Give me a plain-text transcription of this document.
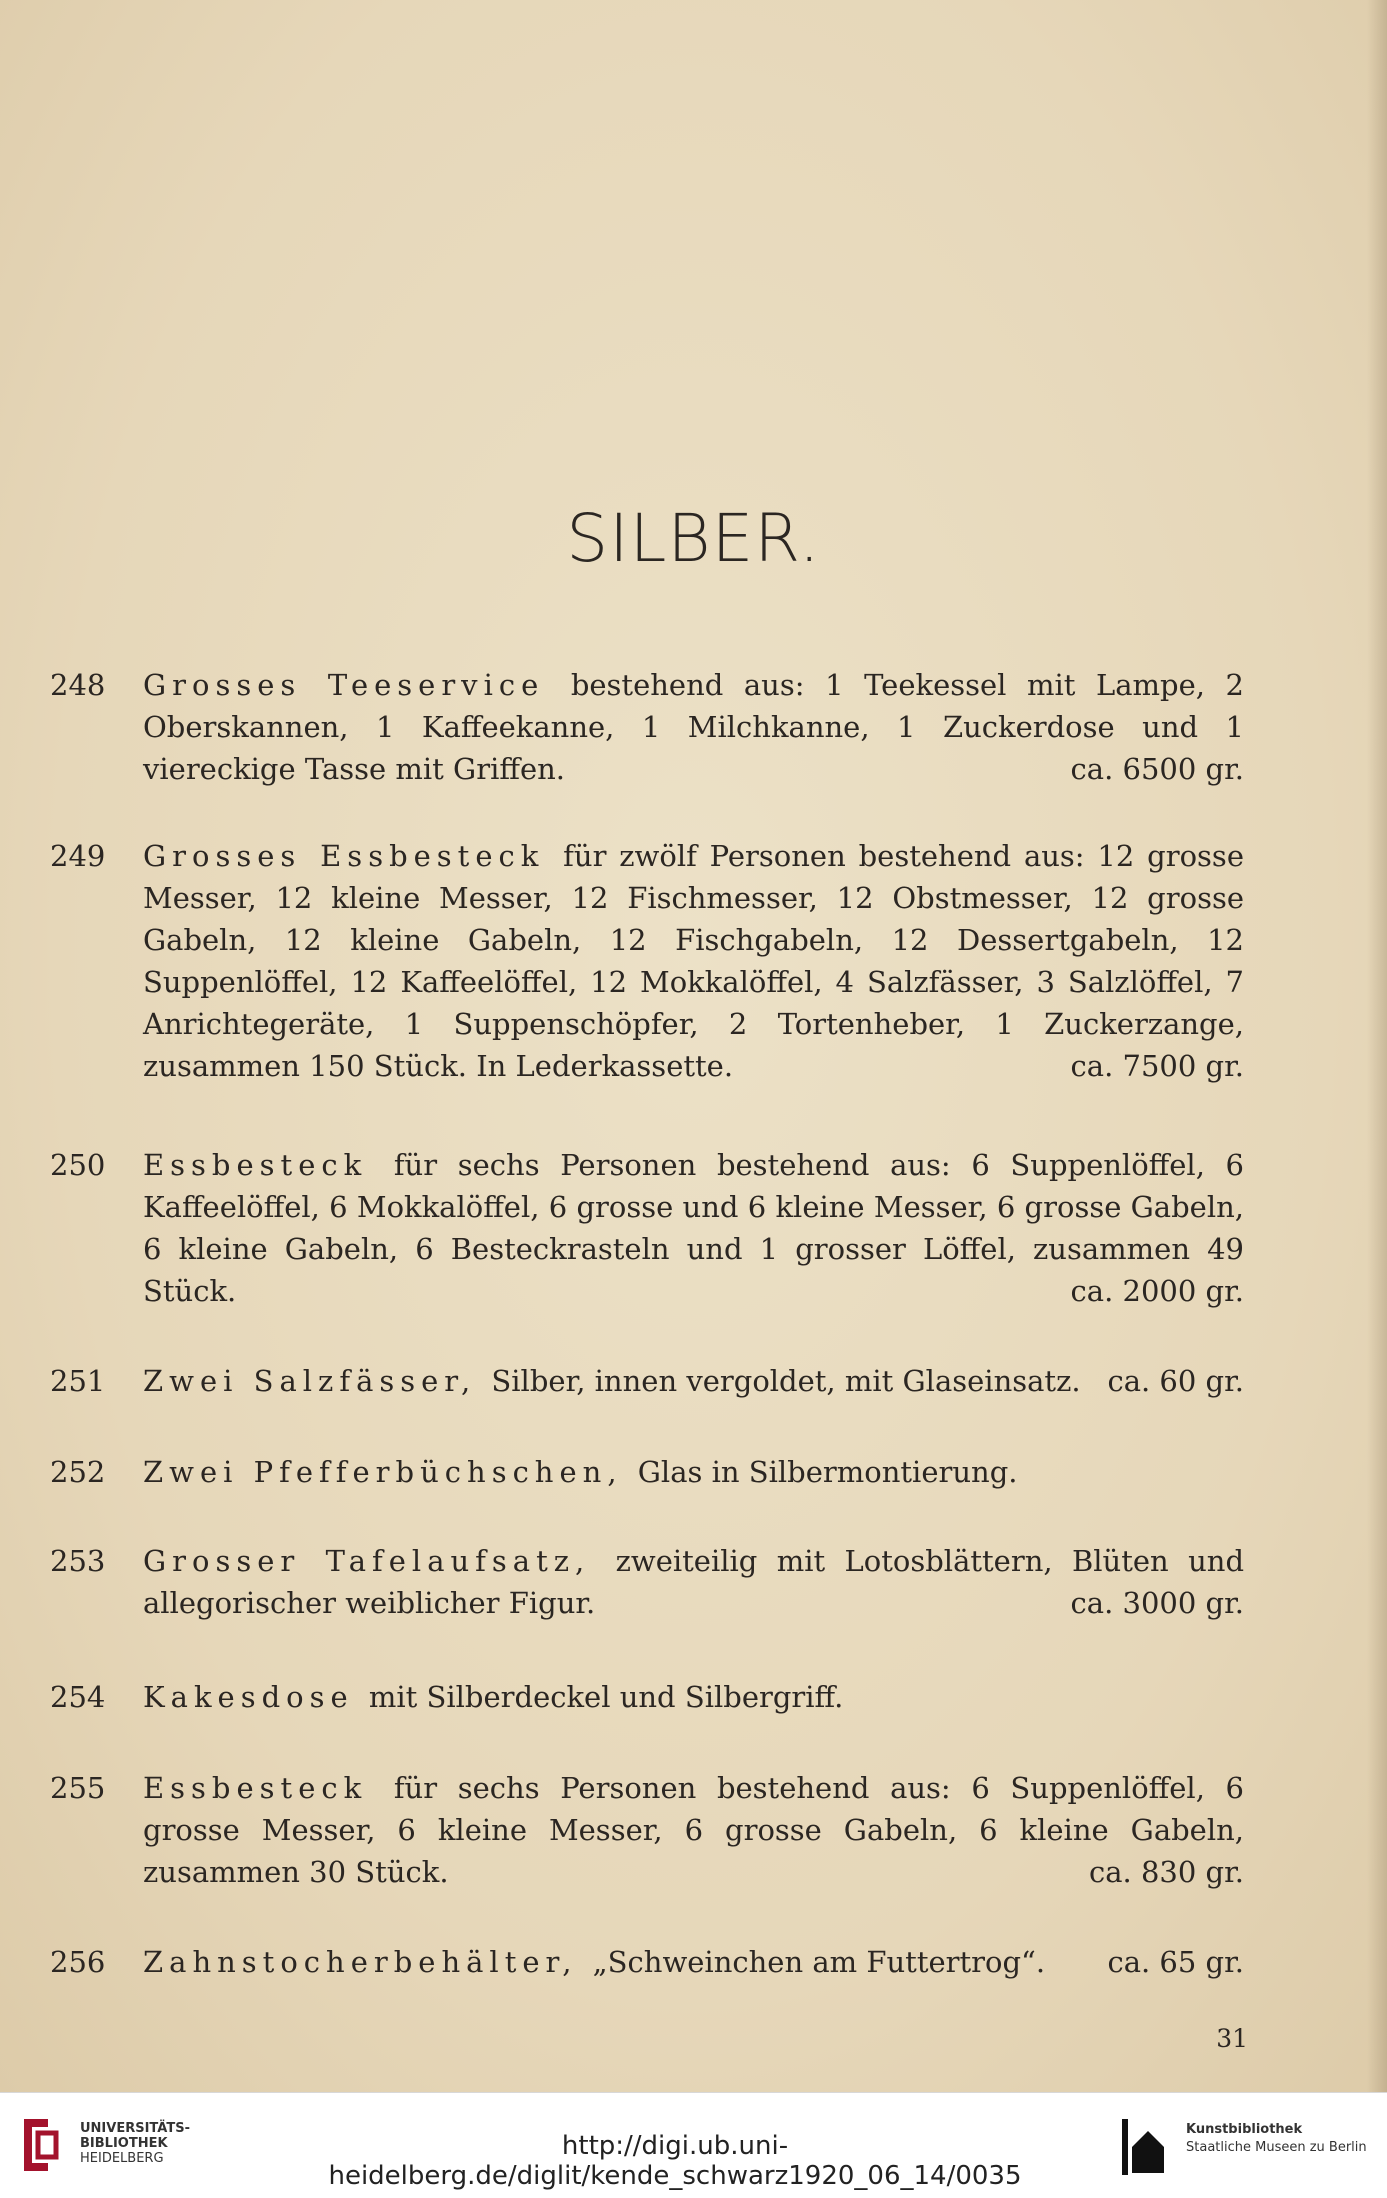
SILBER.
248	Grosses Teeservice bestehend aus: 1 Teekessel mit Lampe, 2 Oberskannen, 1 Kaffeekanne, 1 Milchkanne, 1 Zuckerdose und 1 viereckige Tasse mit Griffen.	ca. 6500 gr.
249	Grosses Essbesteck für zwölf Personen bestehend aus: 12 grosse Messer, 12 kleine Messer, 12 Fischmesser, 12 Obstmesser, 12 grosse Gabeln, 12 kleine Gabeln, 12 Fischgabeln, 12 Dessertgabeln, 12 Suppenlöffel, 12 Kaffeelöffel, 12 Mokkalöffel, 4 Salzfässer, 3 Salzlöffel, 7 Anrichtegeräte, 1 Suppenschöpfer, 2 Tortenheber, 1 Zuckerzange, zusammen 150 Stück. In Lederkassette.	ca. 7500 gr.
250	Essbesteck für sechs Personen bestehend aus: 6 Suppenlöffel, 6 Kaffeelöffel, 6 Mokkalöffel, 6 grosse und 6 kleine Messer, 6 grosse Gabeln, 6 kleine Gabeln, 6 Besteckrasteln und 1 grosser Löffel, zusammen 49 Stück.	ca. 2000 gr.
251	Zwei Salzfässer, Silber, innen vergoldet, mit Glaseinsatz. ca. 60 gr.
252	Zwei Pfefferbüchschen, Glas in Silbermontierung.
253	Grosser Tafelaufsatz, zweiteilig mit Lotosblättern, Blüten und allegorischer weiblicher Figur.	ca. 3000 gr.
254	Kakesdose mit Silberdeckel und Silbergriff.
255	Essbesteck für sechs Personen bestehend aus: 6 Suppenlöffel, 6 grosse Messer, 6 kleine Messer, 6 grosse Gabeln, 6 kleine Gabeln, zusammen 30 Stück.	ca. 830 gr.
256	Zahnstocherbehälter, „Schweinchen am Futtertrog“. ca. 65 gr.
31
UNIVERSITÄTS-
BIBLIOTHEK
HEIDELBERG	http://digi.ub.uni-heidelberg.de/diglit/kende_schwarz1920_06_14/0035
Kunstbibliothek
Staatliche Museen zu Berlin
